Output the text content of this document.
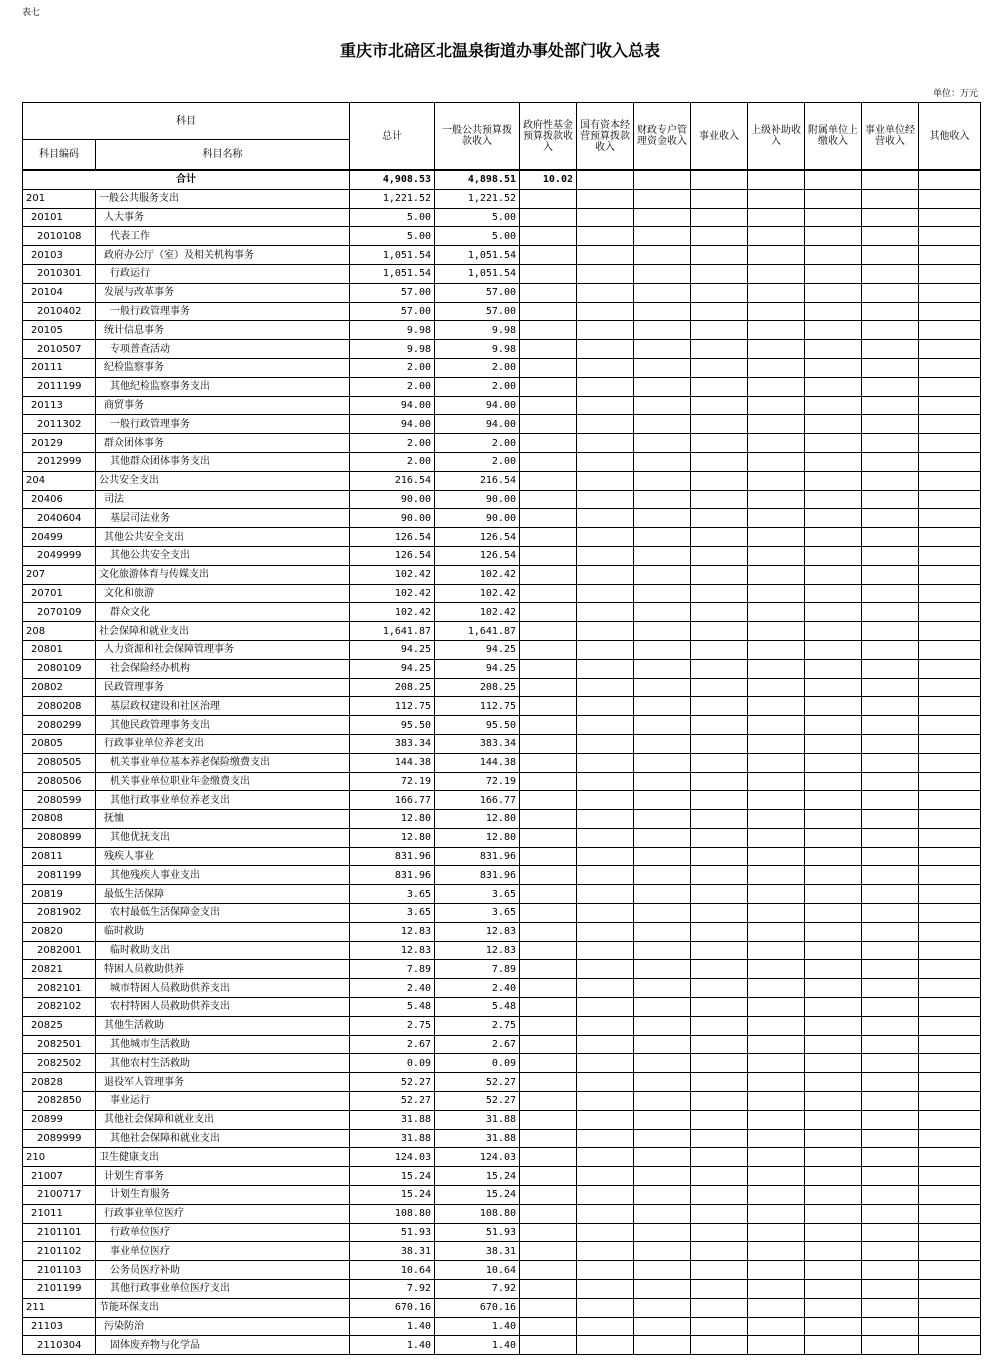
表七
重庆市北碚区北温泉街道办事处部门收入总表
单位：万元
科目		总计	一般公共预算拨款收入	政府性基金预算拨款收入	国有资本经营预算拨款收入	财政专户管理资金收入	事业收入	上级补助收入	附属单位上缴收入	事业单位经营收入	其他收入
科目编码	科目名称										
合计		4,908.53	4,898.51	10.02							
201	一般公共服务支出	1,221.52	1,221.52								
20101	人大事务	5.00	5.00								
2010108	代表工作	5.00	5.00								
20103	政府办公厅（室）及相关机构事务	1,051.54	1,051.54								
2010301	行政运行	1,051.54	1,051.54								
20104	发展与改革事务	57.00	57.00								
2010402	一般行政管理事务	57.00	57.00								
20105	统计信息事务	9.98	9.98								
2010507	专项普查活动	9.98	9.98								
20111	纪检监察事务	2.00	2.00								
2011199	其他纪检监察事务支出	2.00	2.00								
20113	商贸事务	94.00	94.00								
2011302	一般行政管理事务	94.00	94.00								
20129	群众团体事务	2.00	2.00								
2012999	其他群众团体事务支出	2.00	2.00								
204	公共安全支出	216.54	216.54								
20406	司法	90.00	90.00								
2040604	基层司法业务	90.00	90.00								
20499	其他公共安全支出	126.54	126.54								
2049999	其他公共安全支出	126.54	126.54								
207	文化旅游体育与传媒支出	102.42	102.42								
20701	文化和旅游	102.42	102.42								
2070109	群众文化	102.42	102.42								
208	社会保障和就业支出	1,641.87	1,641.87								
20801	人力资源和社会保障管理事务	94.25	94.25								
2080109	社会保险经办机构	94.25	94.25								
20802	民政管理事务	208.25	208.25								
2080208	基层政权建设和社区治理	112.75	112.75								
2080299	其他民政管理事务支出	95.50	95.50								
20805	行政事业单位养老支出	383.34	383.34								
2080505	机关事业单位基本养老保险缴费支出	144.38	144.38								
2080506	机关事业单位职业年金缴费支出	72.19	72.19								
2080599	其他行政事业单位养老支出	166.77	166.77								
20808	抚恤	12.80	12.80								
2080899	其他优抚支出	12.80	12.80								
20811	残疾人事业	831.96	831.96								
2081199	其他残疾人事业支出	831.96	831.96								
20819	最低生活保障	3.65	3.65								
2081902	农村最低生活保障金支出	3.65	3.65								
20820	临时救助	12.83	12.83								
2082001	临时救助支出	12.83	12.83								
20821	特困人员救助供养	7.89	7.89								
2082101	城市特困人员救助供养支出	2.40	2.40								
2082102	农村特困人员救助供养支出	5.48	5.48								
20825	其他生活救助	2.75	2.75								
2082501	其他城市生活救助	2.67	2.67								
2082502	其他农村生活救助	0.09	0.09								
20828	退役军人管理事务	52.27	52.27								
2082850	事业运行	52.27	52.27								
20899	其他社会保障和就业支出	31.88	31.88								
2089999	其他社会保障和就业支出	31.88	31.88								
210	卫生健康支出	124.03	124.03								
21007	计划生育事务	15.24	15.24								
2100717	计划生育服务	15.24	15.24								
21011	行政事业单位医疗	108.80	108.80								
2101101	行政单位医疗	51.93	51.93								
2101102	事业单位医疗	38.31	38.31								
2101103	公务员医疗补助	10.64	10.64								
2101199	其他行政事业单位医疗支出	7.92	7.92								
211	节能环保支出	670.16	670.16								
21103	污染防治	1.40	1.40								
2110304	固体废弃物与化学品	1.40	1.40								
